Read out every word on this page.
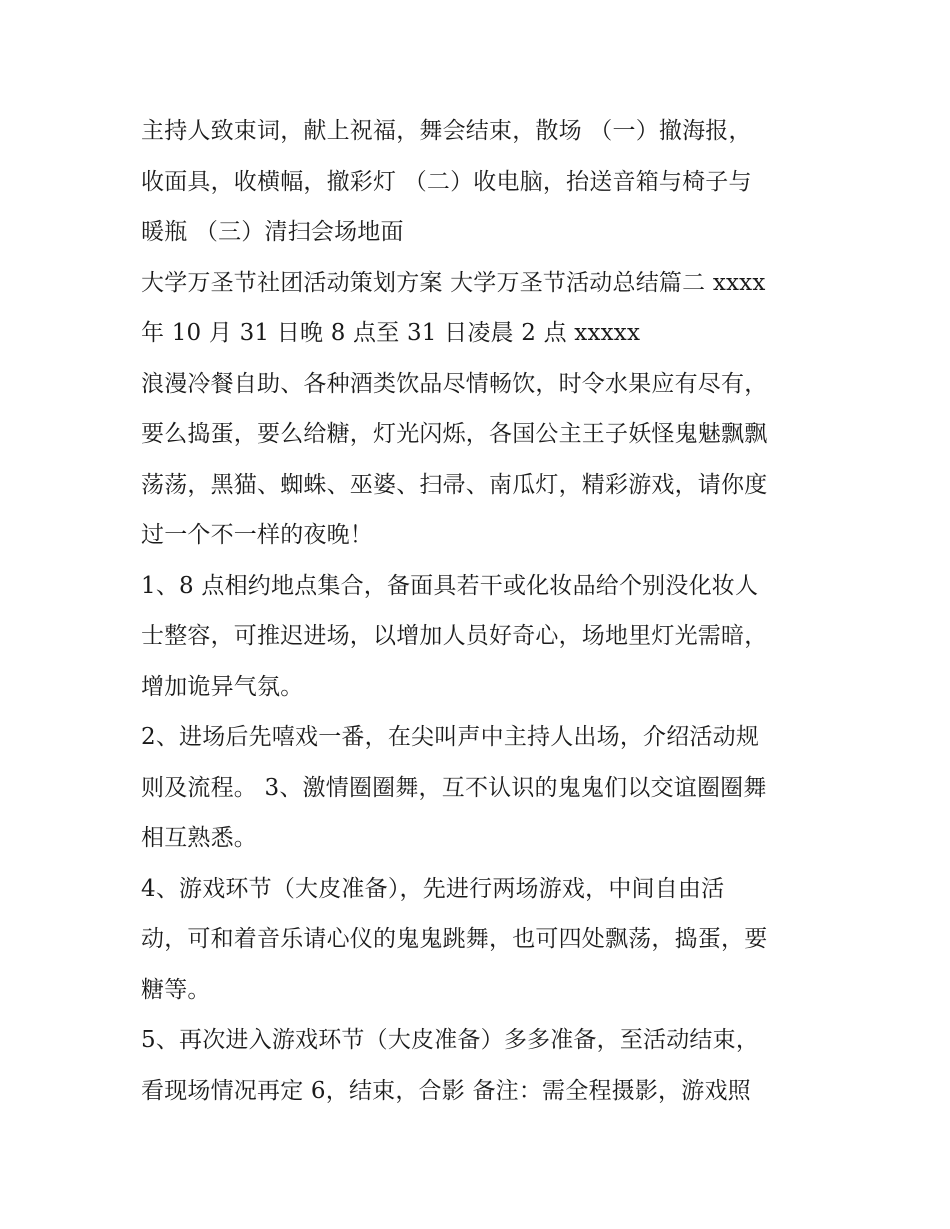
主持人致束词，献上祝福，舞会结束，散场 （一）撤海报，
收面具，收横幅，撤彩灯 （二）收电脑，抬送音箱与椅子与
暖瓶 （三）清扫会场地面
大学万圣节社团活动策划方案 大学万圣节活动总结篇二 xxxx
年 10 月 31 日晚 8 点至 31 日凌晨 2 点 xxxxx
浪漫冷餐自助、各种酒类饮品尽情畅饮，时令水果应有尽有，
要么捣蛋，要么给糖，灯光闪烁，各国公主王子妖怪鬼魅飘飘
荡荡，黑猫、蜘蛛、巫婆、扫帚、南瓜灯，精彩游戏，请你度
过一个不一样的夜晚！
1、8 点相约地点集合，备面具若干或化妆品给个别没化妆人
士整容，可推迟进场，以增加人员好奇心，场地里灯光需暗，
增加诡异气氛。
2、进场后先嘻戏一番，在尖叫声中主持人出场，介绍活动规
则及流程。 3、激情圈圈舞，互不认识的鬼鬼们以交谊圈圈舞
相互熟悉。
4、游戏环节（大皮准备），先进行两场游戏，中间自由活
动，可和着音乐请心仪的鬼鬼跳舞，也可四处飘荡，捣蛋，要
糖等。
5、再次进入游戏环节（大皮准备）多多准备，至活动结束，
看现场情况再定 6，结束，合影 备注：需全程摄影，游戏照
